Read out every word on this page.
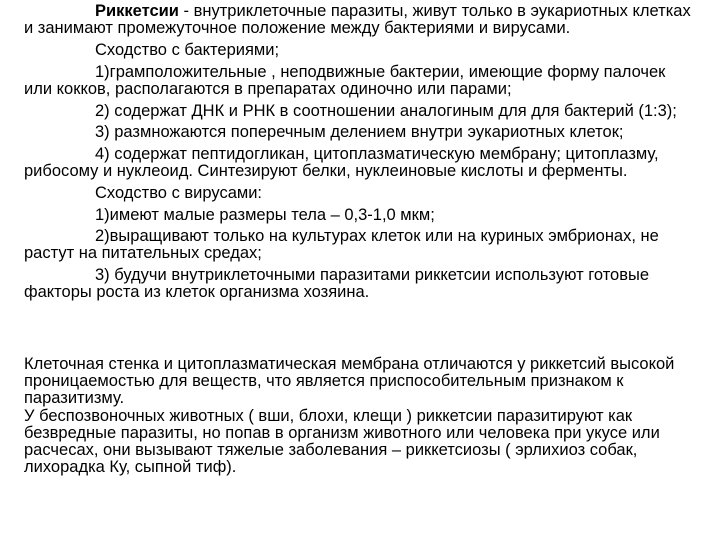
Риккетсии - внутриклеточные паразиты, живут только в эукариотных клетках и занимают промежуточное положение между бактериями и вирусами.

Сходство с бактериями;

1)грамположительные , неподвижные бактерии, имеющие форму палочек или кокков, располагаются в препаратах одиночно или парами;

2) содержат ДНК и РНК в соотношении аналогиным для для бактерий (1:3);

3) размножаются поперечным делением внутри эукариотных клеток;

4) содержат пептидогликан, цитоплазматическую мембрану; цитоплазму, рибосому и нуклеоид. Синтезируют белки, нуклеиновые кислоты и ферменты.

Сходство с вирусами:

1)имеют малые размеры тела – 0,3-1,0 мкм;

2)выращивают только на культурах клеток или на куриных эмбрионах, не растут на питательных средах;

3) будучи внутриклеточными паразитами риккетсии используют готовые факторы роста из клеток организма хозяина.

Клеточная стенка и цитоплазматическая мембрана отличаются у риккетсий высокой проницаемостью для веществ, что является приспособительным признаком к паразитизму.

У беспозвоночных животных ( вши, блохи, клещи ) риккетсии паразитируют как безвредные паразиты, но попав в организм животного или человека при укусе или расчесах, они вызывают тяжелые заболевания – риккетсиозы ( эрлихиоз собак, лихорадка Ку, сыпной тиф).
